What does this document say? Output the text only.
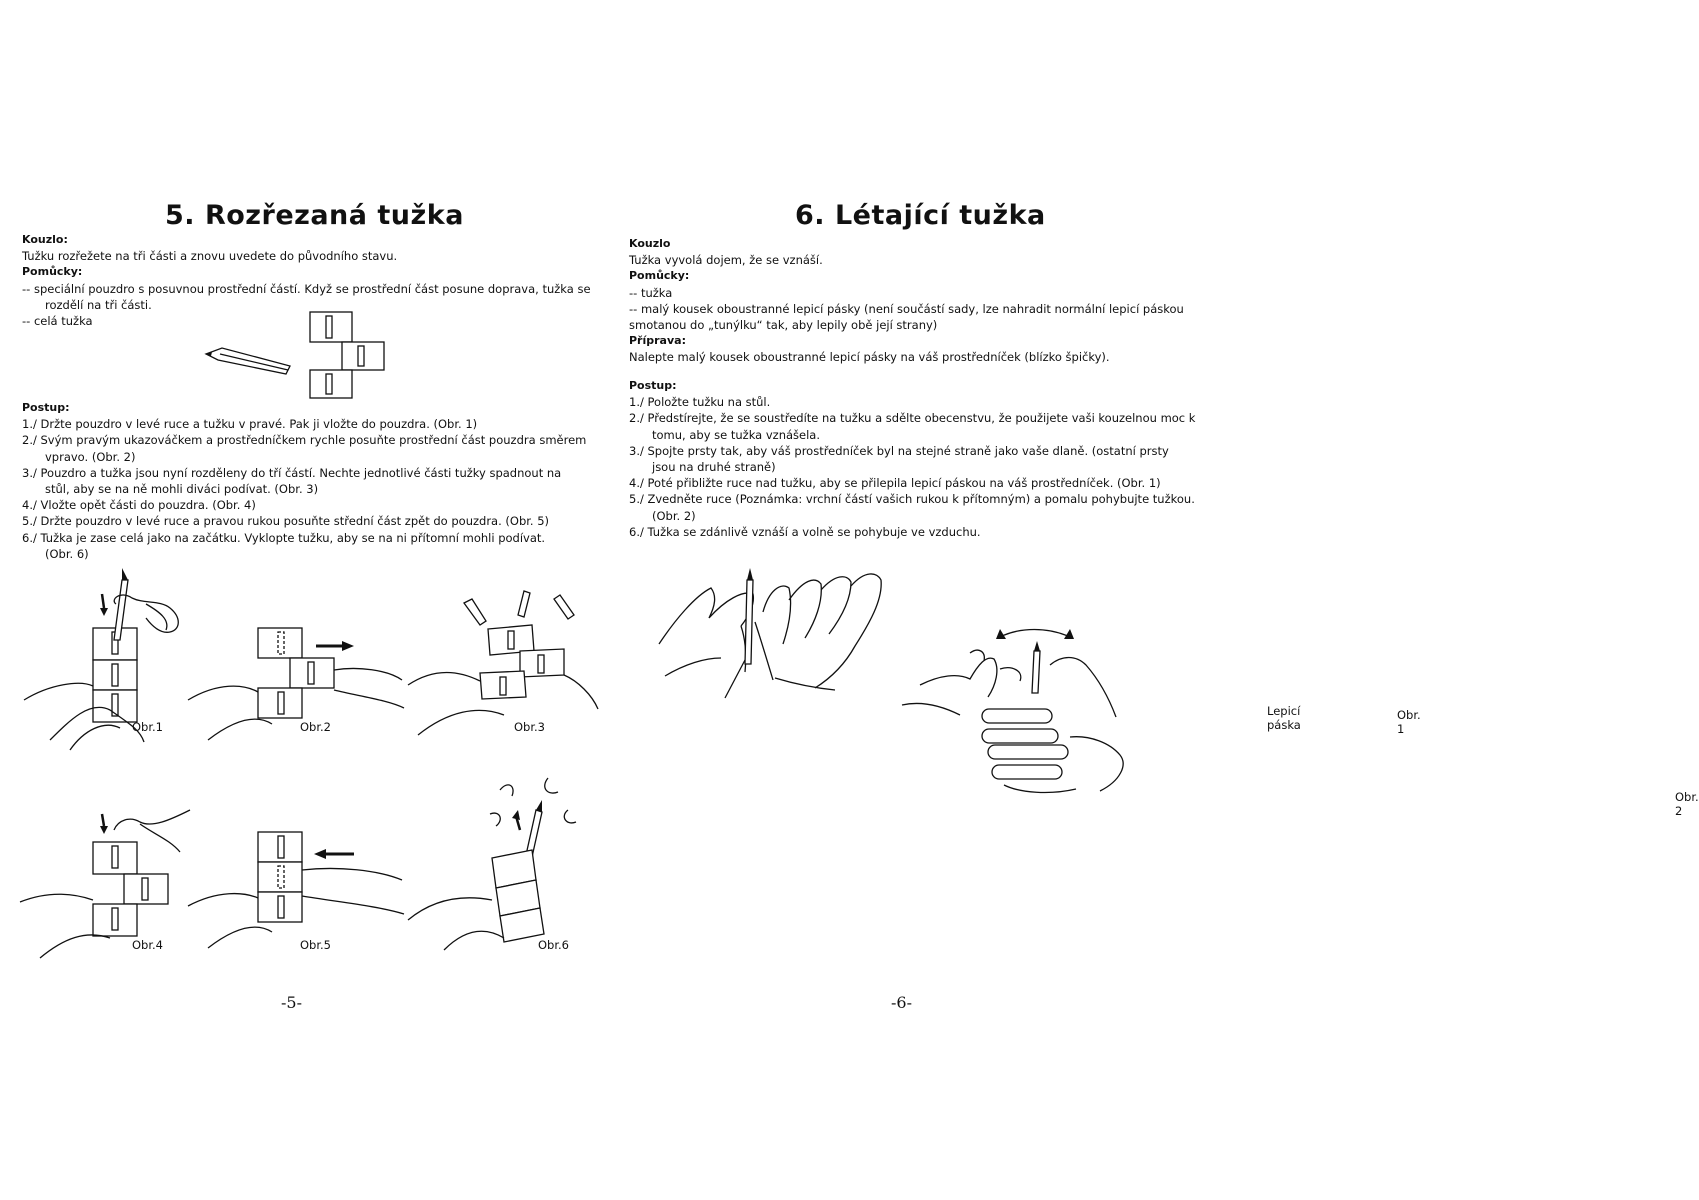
5. Rozřezaná tužka
Kouzlo:
Tužku rozřežete na tři části a znovu uvedete do původního stavu.
Pomůcky:
-- speciální pouzdro s posuvnou prostřední částí. Když se prostřední část posune doprava, tužka se
rozdělí na tři části.
-- celá tužka
Postup:
1./ Držte pouzdro v levé ruce a tužku v pravé. Pak ji vložte do pouzdra. (Obr. 1)
2./ Svým pravým ukazováčkem a prostředníčkem rychle posuňte prostřední část pouzdra směrem
vpravo. (Obr. 2)
3./ Pouzdro a tužka jsou nyní rozděleny do tří částí. Nechte jednotlivé části tužky spadnout na
stůl, aby se na ně mohli diváci podívat. (Obr. 3)
4./ Vložte opět části do pouzdra. (Obr. 4)
5./ Držte pouzdro v levé ruce a pravou rukou posuňte střední část zpět do pouzdra. (Obr. 5)
6./ Tužka je zase celá jako na začátku. Vyklopte tužku, aby se na ni přítomní mohli podívat.
(Obr. 6)
Obr.1	Obr.2	Obr.3
Obr.4	Obr.5	Obr.6
-5-
6. Létající tužka
Kouzlo
Tužka vyvolá dojem, že se vznáší.
Pomůcky:
-- tužka
-- malý kousek oboustranné lepicí pásky (není součástí sady, lze nahradit normální lepicí páskou
smotanou do „tunýlku“ tak, aby lepily obě její strany)
Příprava:
Nalepte malý kousek oboustranné lepicí pásky na váš prostředníček (blízko špičky).
Postup:
1./ Položte tužku na stůl.
2./ Předstírejte, že se soustředíte na tužku a sdělte obecenstvu, že použijete vaši kouzelnou moc k
tomu, aby se tužka vznášela.
3./ Spojte prsty tak, aby váš prostředníček byl na stejné straně jako vaše dlaně. (ostatní prsty
jsou na druhé straně)
4./ Poté přibližte ruce nad tužku, aby se přilepila lepicí páskou na váš prostředníček. (Obr. 1)
5./ Zvedněte ruce (Poznámka: vrchní částí vašich rukou k přítomným) a pomalu pohybujte tužkou.
(Obr. 2)
6./ Tužka se zdánlivě vznáší a volně se pohybuje ve vzduchu.
Lepicí páska
Obr. 1
Obr. 2
-6-
